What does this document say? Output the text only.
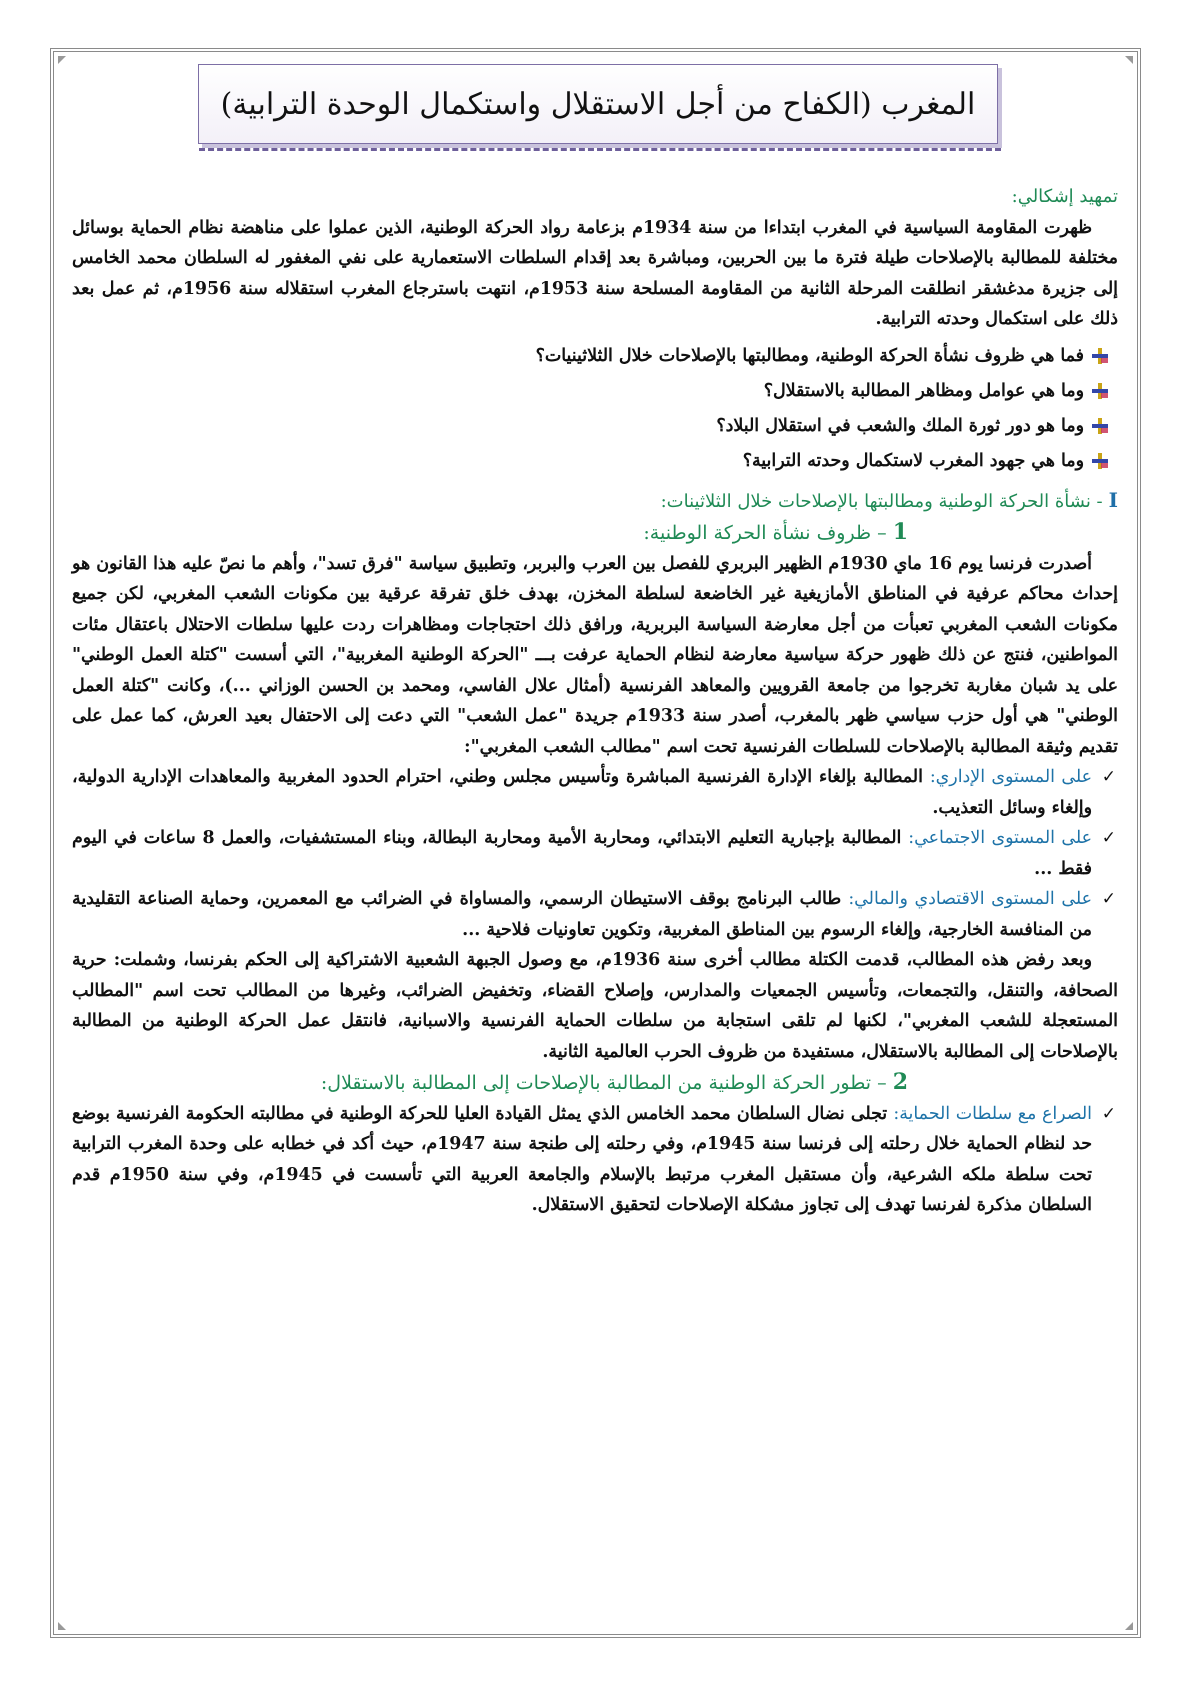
المغرب (الكفاح من أجل الاستقلال واستكمال الوحدة الترابية)

تمهيد إشكالي:

ظهرت المقاومة السياسية في المغرب ابتداءا من سنة 1934م بزعامة رواد الحركة الوطنية، الذين عملوا على مناهضة نظام الحماية بوسائل مختلفة للمطالبة بالإصلاحات طيلة فترة ما بين الحربين، ومباشرة بعد إقدام السلطات الاستعمارية على نفي المغفور له السلطان محمد الخامس إلى جزيرة مدغشقر انطلقت المرحلة الثانية من المقاومة المسلحة سنة 1953م، انتهت باسترجاع المغرب استقلاله سنة 1956م، ثم عمل بعد ذلك على استكمال وحدته الترابية.

فما هي ظروف نشأة الحركة الوطنية، ومطالبتها بالإصلاحات خلال الثلاثينيات؟
وما هي عوامل ومظاهر المطالبة بالاستقلال؟
وما هو دور ثورة الملك والشعب في استقلال البلاد؟
وما هي جهود المغرب لاستكمال وحدته الترابية؟

I- نشأة الحركة الوطنية ومطالبتها بالإصلاحات خلال الثلاثينات:

1 – ظروف نشأة الحركة الوطنية:

أصدرت فرنسا يوم 16 ماي 1930م الظهير البربري للفصل بين العرب والبربر، وتطبيق سياسة "فرق تسد"، وأهم ما نصّ عليه هذا القانون هو إحداث محاكم عرفية في المناطق الأمازيغية غير الخاضعة لسلطة المخزن، بهدف خلق تفرقة عرقية بين مكونات الشعب المغربي، لكن جميع مكونات الشعب المغربي تعبأت من أجل معارضة السياسة البربرية، ورافق ذلك احتجاجات ومظاهرات ردت عليها سلطات الاحتلال باعتقال مئات المواطنين، فنتج عن ذلك ظهور حركة سياسية معارضة لنظام الحماية عرفت بـــ "الحركة الوطنية المغربية"، التي أسست "كتلة العمل الوطني" على يد شبان مغاربة تخرجوا من جامعة القرويين والمعاهد الفرنسية (أمثال علال الفاسي، ومحمد بن الحسن الوزاني ...)، وكانت "كتلة العمل الوطني" هي أول حزب سياسي ظهر بالمغرب، أصدر سنة 1933م جريدة "عمل الشعب" التي دعت إلى الاحتفال بعيد العرش، كما عمل على تقديم وثيقة المطالبة بالإصلاحات للسلطات الفرنسية تحت اسم "مطالب الشعب المغربي":

✓
على المستوى الإداري: المطالبة بإلغاء الإدارة الفرنسية المباشرة وتأسيس مجلس وطني، احترام الحدود المغربية والمعاهدات الإدارية الدولية، وإلغاء وسائل التعذيب.
✓
على المستوى الاجتماعي: المطالبة بإجبارية التعليم الابتدائي، ومحاربة الأمية ومحاربة البطالة، وبناء المستشفيات، والعمل 8 ساعات في اليوم فقط ...
✓
على المستوى الاقتصادي والمالي: طالب البرنامج بوقف الاستيطان الرسمي، والمساواة في الضرائب مع المعمرين، وحماية الصناعة التقليدية من المنافسة الخارجية، وإلغاء الرسوم بين المناطق المغربية، وتكوين تعاونيات فلاحية ...

وبعد رفض هذه المطالب، قدمت الكتلة مطالب أخرى سنة 1936م، مع وصول الجبهة الشعبية الاشتراكية إلى الحكم بفرنسا، وشملت: حرية الصحافة، والتنقل، والتجمعات، وتأسيس الجمعيات والمدارس، وإصلاح القضاء، وتخفيض الضرائب، وغيرها من المطالب تحت اسم "المطالب المستعجلة للشعب المغربي"، لكنها لم تلقى استجابة من سلطات الحماية الفرنسية والاسبانية، فانتقل عمل الحركة الوطنية من المطالبة بالإصلاحات إلى المطالبة بالاستقلال، مستفيدة من ظروف الحرب العالمية الثانية.

2 – تطور الحركة الوطنية من المطالبة بالإصلاحات إلى المطالبة بالاستقلال:

✓
الصراع مع سلطات الحماية: تجلى نضال السلطان محمد الخامس الذي يمثل القيادة العليا للحركة الوطنية في مطالبته الحكومة الفرنسية بوضع حد لنظام الحماية خلال رحلته إلى فرنسا سنة 1945م، وفي رحلته إلى طنجة سنة 1947م، حيث أكد في خطابه على وحدة المغرب الترابية تحت سلطة ملكه الشرعية، وأن مستقبل المغرب مرتبط بالإسلام والجامعة العربية التي تأسست في 1945م، وفي سنة 1950م قدم السلطان مذكرة لفرنسا تهدف إلى تجاوز مشكلة الإصلاحات لتحقيق الاستقلال.
